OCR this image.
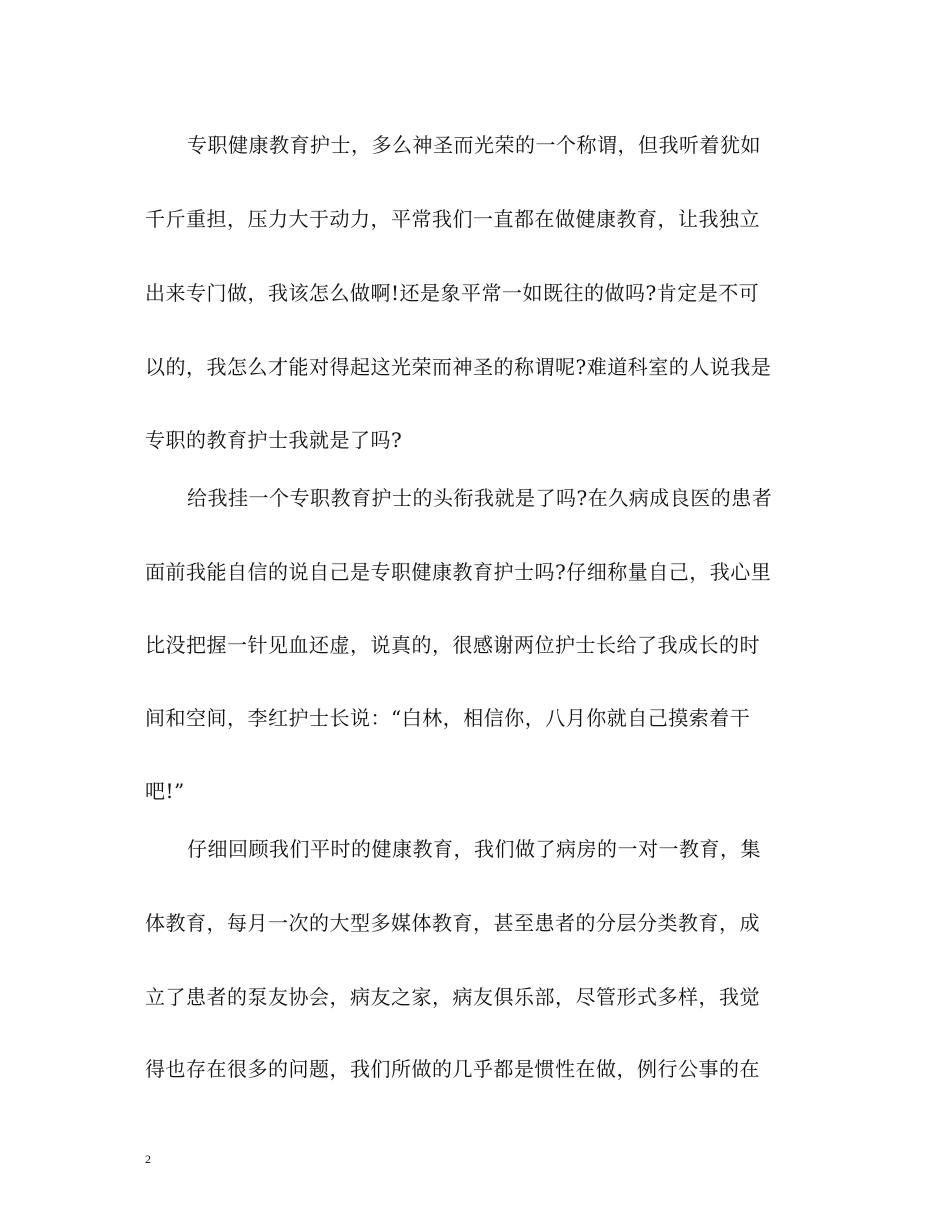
专职健康教育护士，多么神圣而光荣的一个称谓，但我听着犹如
千斤重担，压力大于动力，平常我们一直都在做健康教育，让我独立
出来专门做，我该怎么做啊!还是象平常一如既往的做吗?肯定是不可
以的，我怎么才能对得起这光荣而神圣的称谓呢?难道科室的人说我是
专职的教育护士我就是了吗?
给我挂一个专职教育护士的头衔我就是了吗?在久病成良医的患者
面前我能自信的说自己是专职健康教育护士吗?仔细称量自己，我心里
比没把握一针见血还虚，说真的，很感谢两位护士长给了我成长的时
间和空间，李红护士长说：“白林，相信你，八月你就自己摸索着干
吧!”
仔细回顾我们平时的健康教育，我们做了病房的一对一教育，集
体教育，每月一次的大型多媒体教育，甚至患者的分层分类教育，成
立了患者的泵友协会，病友之家，病友俱乐部，尽管形式多样，我觉
得也存在很多的问题，我们所做的几乎都是惯性在做，例行公事的在
2
